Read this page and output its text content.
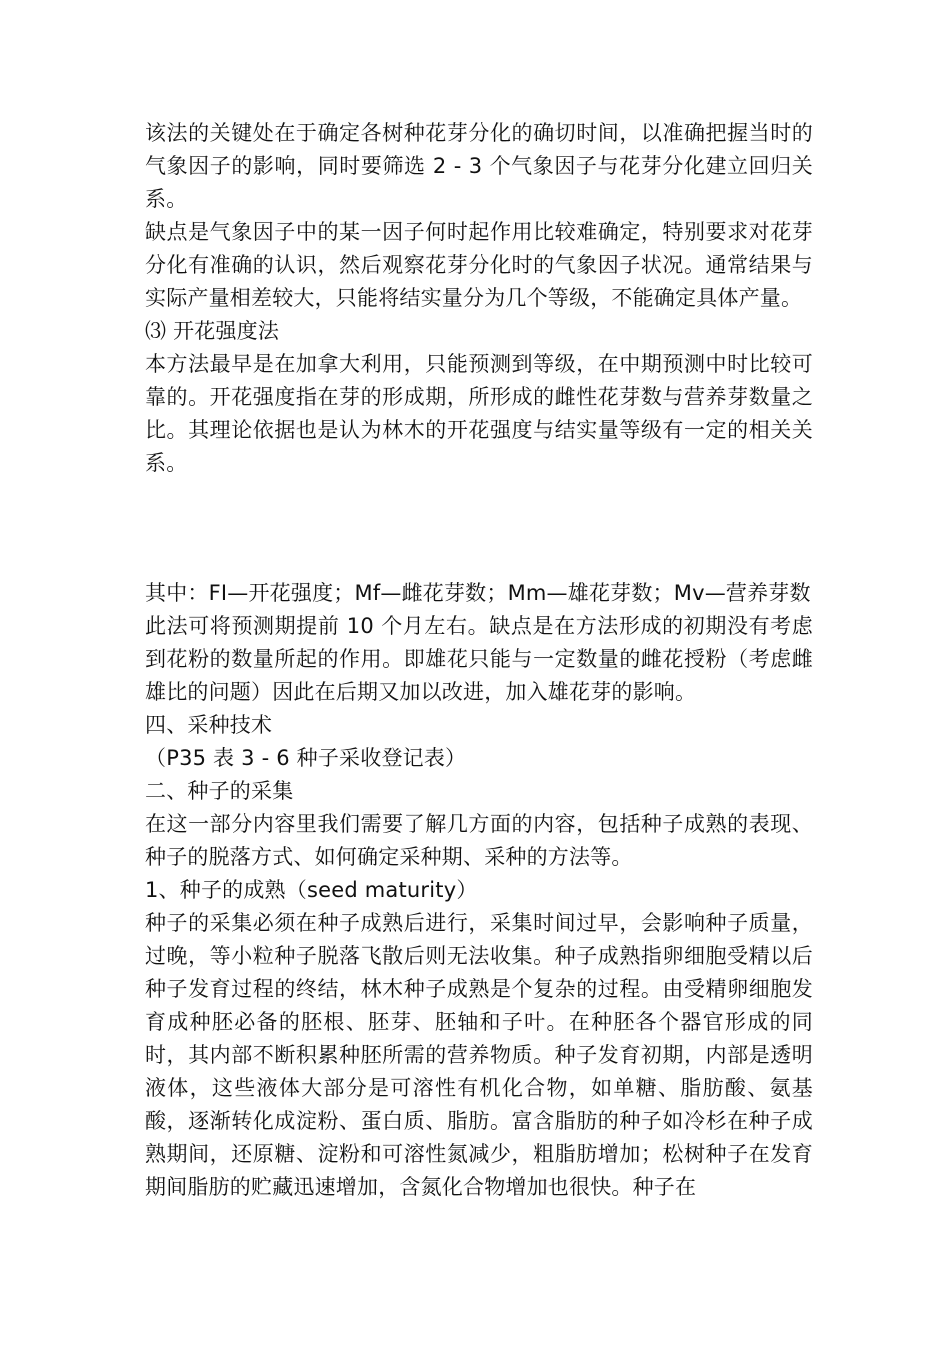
该法的关键处在于确定各树种花芽分化的确切时间，以准确把握当时的气象因子的影响，同时要筛选 2 - 3 个气象因子与花芽分化建立回归关系。

缺点是气象因子中的某一因子何时起作用比较难确定，特别要求对花芽分化有准确的认识，然后观察花芽分化时的气象因子状况。通常结果与实际产量相差较大，只能将结实量分为几个等级，不能确定具体产量。

⑶ 开花强度法

本方法最早是在加拿大利用，只能预测到等级，在中期预测中时比较可靠的。开花强度指在芽的形成期，所形成的雌性花芽数与营养芽数量之比。其理论依据也是认为林木的开花强度与结实量等级有一定的相关关系。

其中：FI—开花强度；Mf—雌花芽数；Mm—雄花芽数；Mv—营养芽数

此法可将预测期提前 10 个月左右。缺点是在方法形成的初期没有考虑到花粉的数量所起的作用。即雄花只能与一定数量的雌花授粉（考虑雌雄比的问题）因此在后期又加以改进，加入雄花芽的影响。

四、采种技术

（P35 表 3 - 6 种子采收登记表）

二、种子的采集

在这一部分内容里我们需要了解几方面的内容，包括种子成熟的表现、种子的脱落方式、如何确定采种期、采种的方法等。

1、种子的成熟（seed maturity）

种子的采集必须在种子成熟后进行，采集时间过早，会影响种子质量，过晚，等小粒种子脱落飞散后则无法收集。种子成熟指卵细胞受精以后种子发育过程的终结，林木种子成熟是个复杂的过程。由受精卵细胞发育成种胚必备的胚根、胚芽、胚轴和子叶。在种胚各个器官形成的同时，其内部不断积累种胚所需的营养物质。种子发育初期，内部是透明液体，这些液体大部分是可溶性有机化合物，如单糖、脂肪酸、氨基酸，逐渐转化成淀粉、蛋白质、脂肪。富含脂肪的种子如冷杉在种子成熟期间，还原糖、淀粉和可溶性氮减少，粗脂肪增加；松树种子在发育期间脂肪的贮藏迅速增加，含氮化合物增加也很快。种子在
